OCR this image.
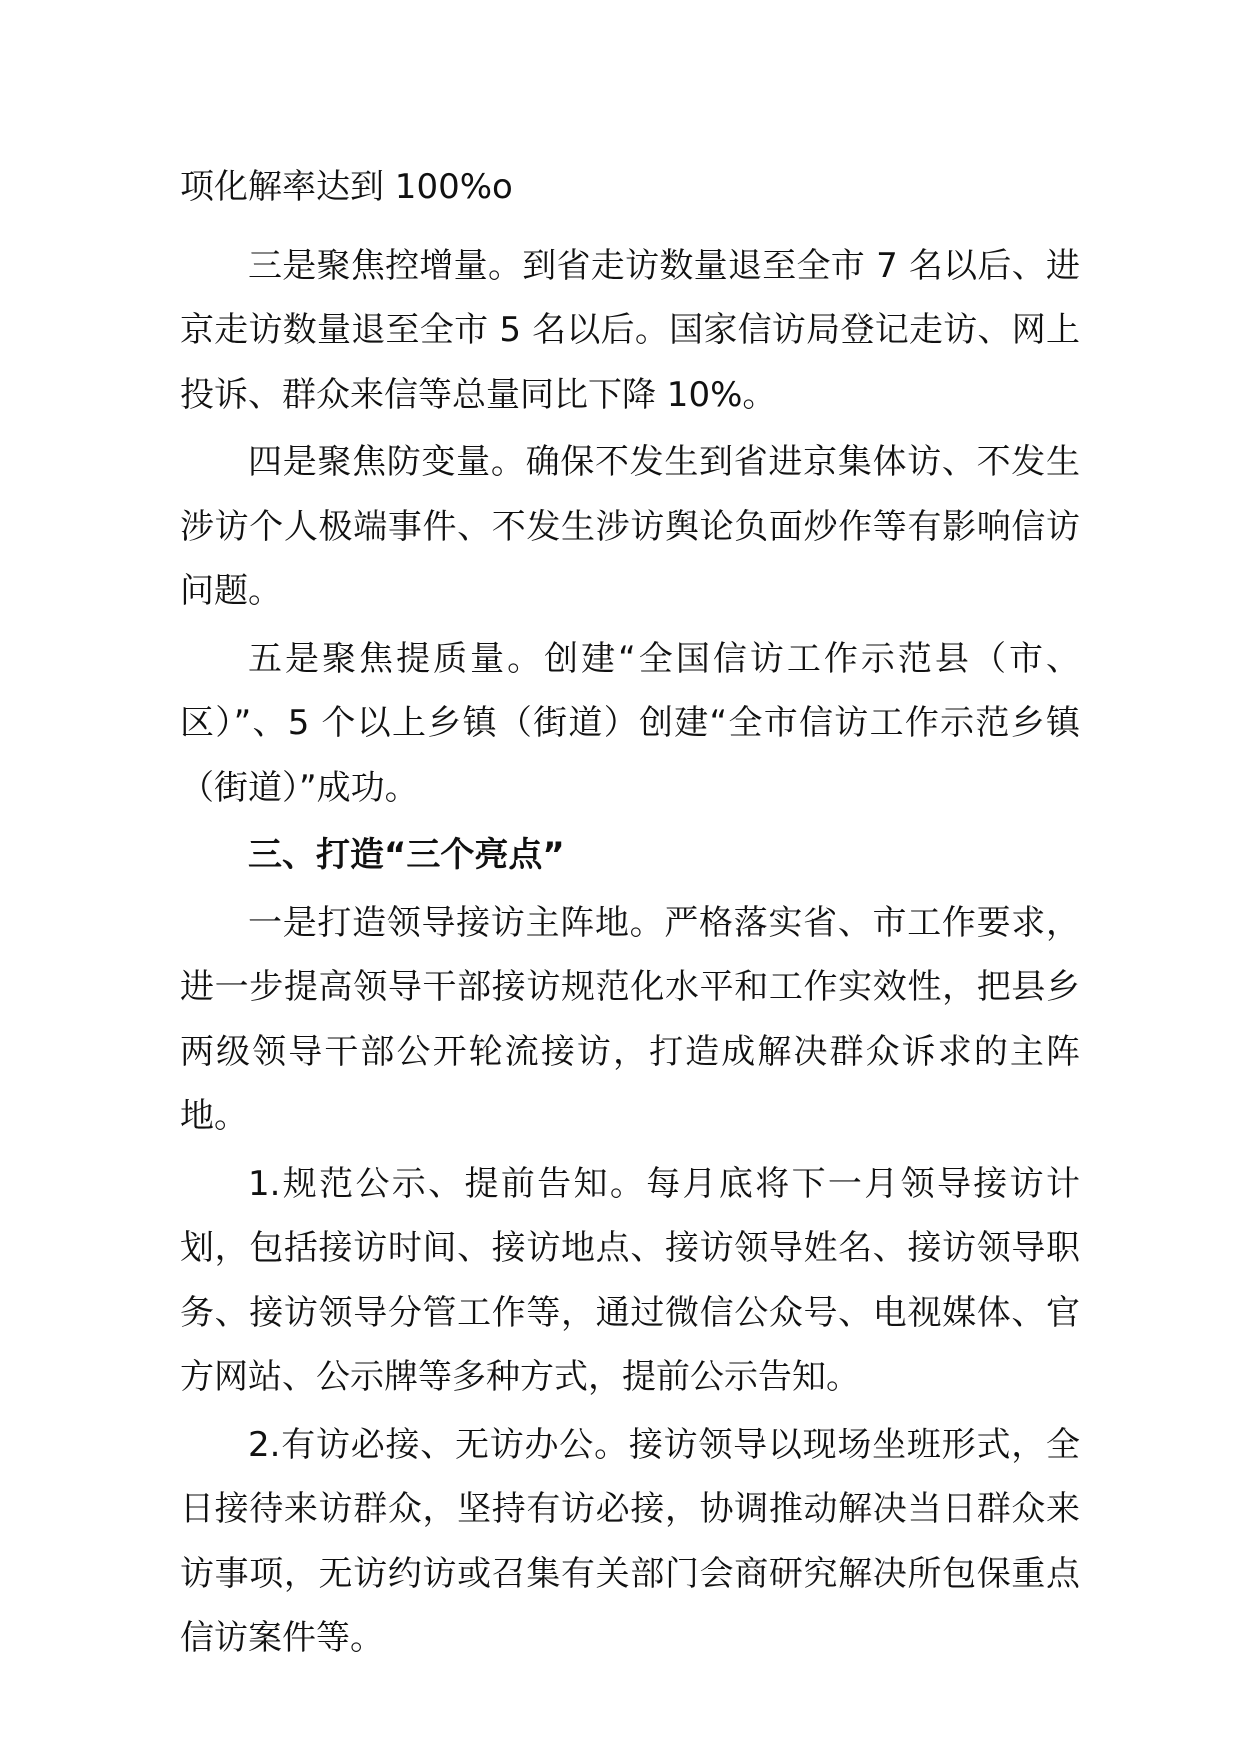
项化解率达到 100%o

三是聚焦控增量。到省走访数量退至全市 7 名以后、进京走访数量退至全市 5 名以后。国家信访局登记走访、网上投诉、群众来信等总量同比下降 10%。

四是聚焦防变量。确保不发生到省进京集体访、不发生涉访个人极端事件、不发生涉访舆论负面炒作等有影响信访问题。

五是聚焦提质量。创建“全国信访工作示范县（市、区）”、5 个以上乡镇（街道）创建“全市信访工作示范乡镇（街道）”成功。

三、打造“三个亮点”

一是打造领导接访主阵地。严格落实省、市工作要求，进一步提高领导干部接访规范化水平和工作实效性，把县乡两级领导干部公开轮流接访，打造成解决群众诉求的主阵地。

1.规范公示、提前告知。每月底将下一月领导接访计划，包括接访时间、接访地点、接访领导姓名、接访领导职务、接访领导分管工作等，通过微信公众号、电视媒体、官方网站、公示牌等多种方式，提前公示告知。

2.有访必接、无访办公。接访领导以现场坐班形式，全日接待来访群众，坚持有访必接，协调推动解决当日群众来访事项，无访约访或召集有关部门会商研究解决所包保重点信访案件等。
